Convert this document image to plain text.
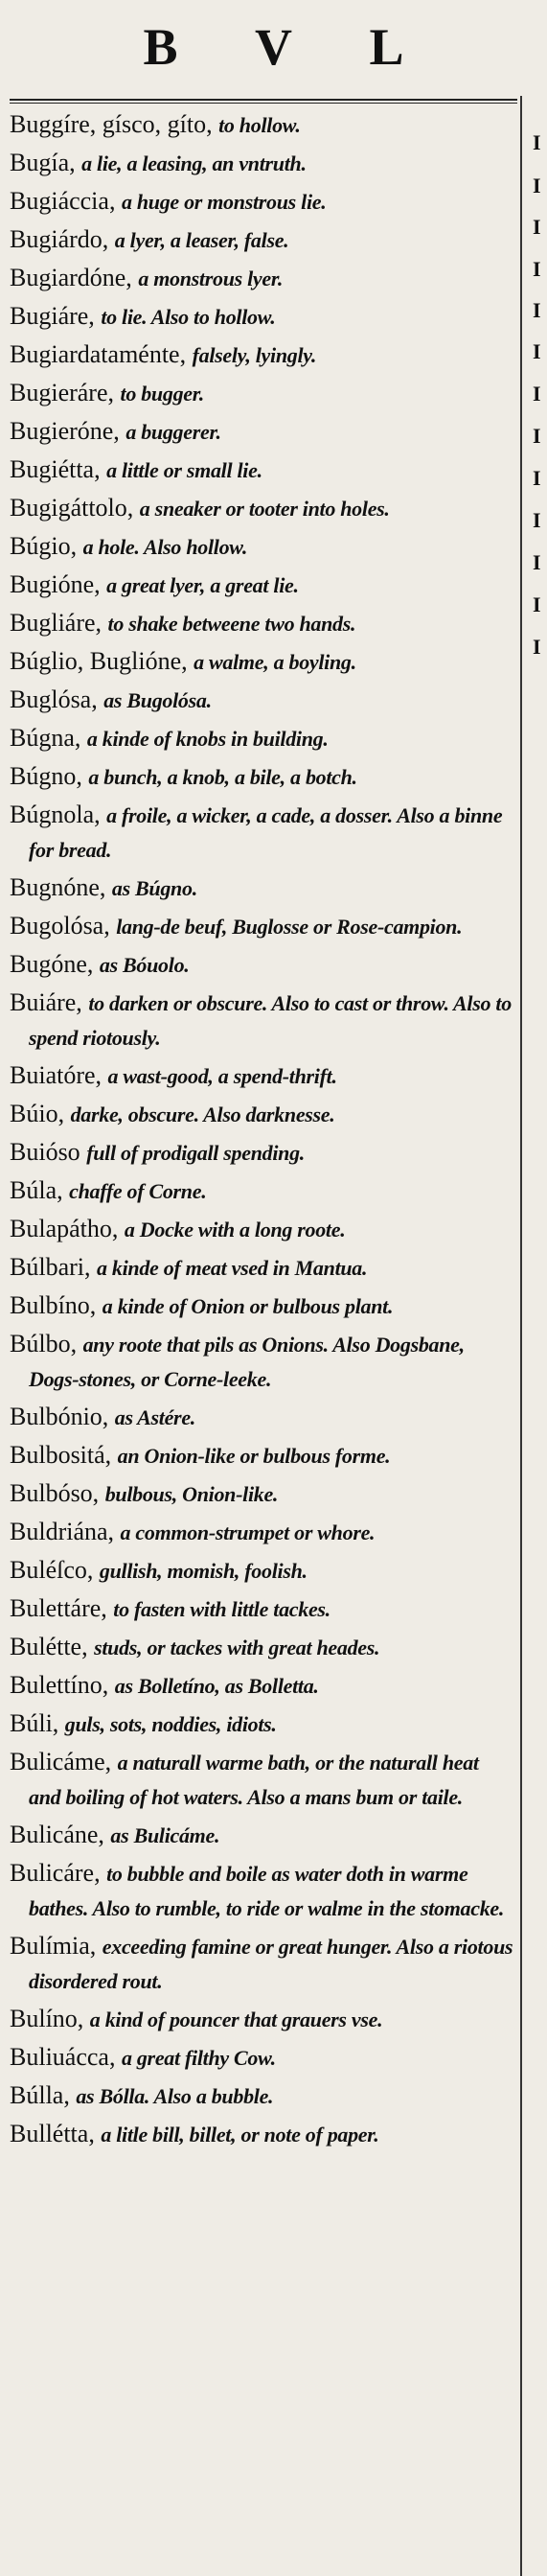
B V L
Buggíre, gísco, gíto, to hollow.
Bugía, a lie, a leasing, an vntruth.
Bugiáccia, a huge or monstrous lie.
Bugiárdo, a lyer, a leaser, false.
Bugiardóne, a monstrous lyer.
Bugiáre, to lie. Also to hollow.
Bugiardataménte, falsely, lyingly.
Bugieráre, to bugger.
Bugieróne, a buggerer.
Bugiétta, a little or small lie.
Bugigáttolo, a sneaker or tooter into holes.
Búgio, a hole. Also hollow.
Bugióne, a great lyer, a great lie.
Bugliáre, to shake betweene two hands.
Búglio, Buglióne, a walme, a boyling.
Buglósa, as Bugolósa.
Búgna, a kinde of knobs in building.
Búgno, a bunch, a knob, a bile, a botch.
Búgnola, a froile, a wicker, a cade, a dosser. Also a binne for bread.
Bugnóne, as Búgno.
Bugolósa, lang-de beuf, Buglosse or Rose-campion.
Bugóne, as Bóuolo.
Buiáre, to darken or obscure. Also to cast or throw. Also to spend riotously.
Buiatóre, a wast-good, a spend-thrift.
Búio, darke, obscure. Also darknesse.
Buióso full of prodigall spending.
Búla, chaffe of Corne.
Bulapátho, a Docke with a long roote.
Búlbari, a kinde of meat vsed in Mantua.
Bulbíno, a kinde of Onion or bulbous plant.
Búlbo, any roote that pils as Onions. Also Dogsbane, Dogs-stones, or Corne-leeke.
Bulbónio, as Astére.
Bulbositá, an Onion-like or bulbous forme.
Bulbóso, bulbous, Onion-like.
Buldriána, a common-strumpet or whore.
Buléſco, gullish, momish, foolish.
Bulettáre, to fasten with little tackes.
Bulétte, studs, or tackes with great heades.
Bulettíno, as Bolletíno, as Bolletta.
Búli, guls, sots, noddies, idiots.
Bulicáme, a naturall warme bath, or the naturall heat and boiling of hot waters. Also a mans bum or taile.
Bulicáne, as Bulicáme.
Bulicáre, to bubble and boile as water doth in warme bathes. Also to rumble, to ride or walme in the stomacke.
Bulímia, exceeding famine or great hunger. Also a riotous disordered rout.
Bulíno, a kind of pouncer that grauers vse.
Buliuácca, a great filthy Cow.
Búlla, as Bólla. Also a bubble.
Bullétta, a litle bill, billet, or note of paper.
I
I
I
I
I
I
I
I
I
I
I
I
I
